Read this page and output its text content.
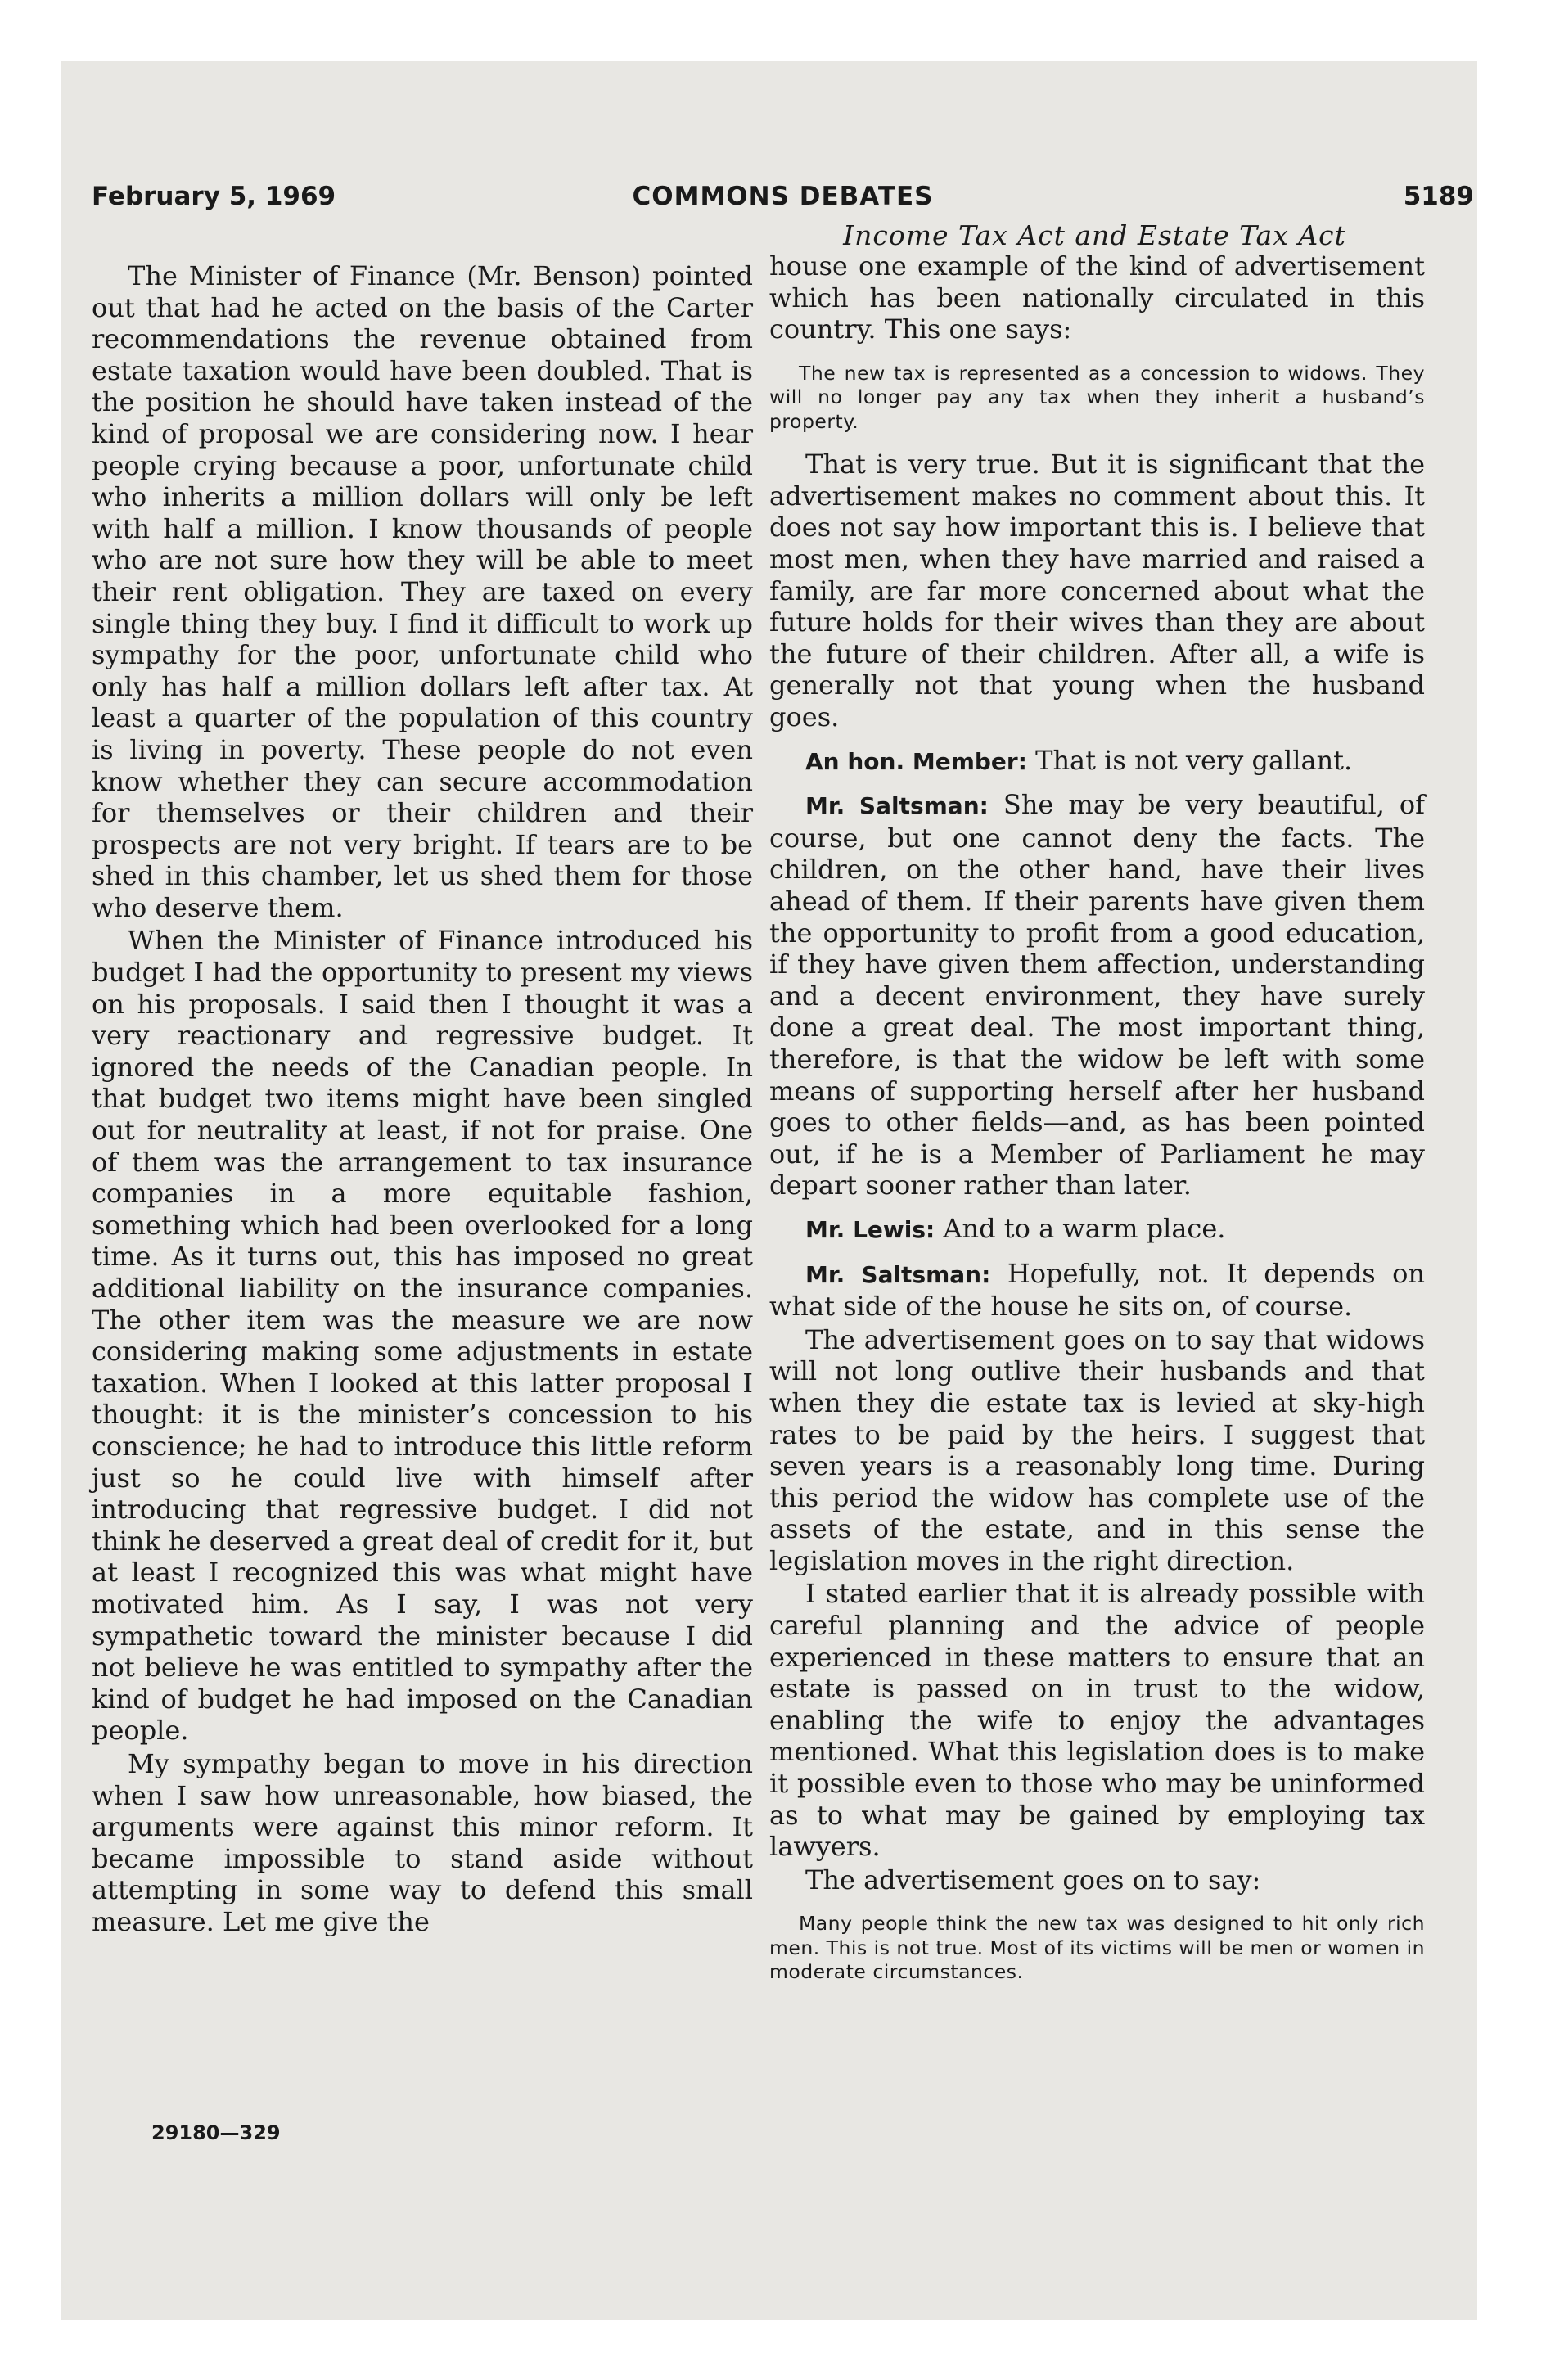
February 5, 1969	COMMONS DEBATES	5189
Income Tax Act and Estate Tax Act

The Minister of Finance (Mr. Benson) pointed out that had he acted on the basis of the Carter recommendations the revenue obtained from estate taxation would have been doubled. That is the position he should have taken instead of the kind of proposal we are considering now. I hear people crying because a poor, unfortunate child who inherits a million dollars will only be left with half a million. I know thousands of people who are not sure how they will be able to meet their rent obligation. They are taxed on every single thing they buy. I find it difficult to work up sympathy for the poor, unfortunate child who only has half a million dollars left after tax. At least a quarter of the population of this country is living in poverty. These people do not even know whether they can secure accommodation for themselves or their children and their prospects are not very bright. If tears are to be shed in this chamber, let us shed them for those who deserve them.

When the Minister of Finance introduced his budget I had the opportunity to present my views on his proposals. I said then I thought it was a very reactionary and regressive budget. It ignored the needs of the Canadian people. In that budget two items might have been singled out for neutrality at least, if not for praise. One of them was the arrangement to tax insurance companies in a more equitable fashion, something which had been overlooked for a long time. As it turns out, this has imposed no great additional liability on the insurance companies. The other item was the measure we are now considering making some adjustments in estate taxation. When I looked at this latter proposal I thought: it is the minister’s concession to his conscience; he had to introduce this little reform just so he could live with himself after introducing that regressive budget. I did not think he deserved a great deal of credit for it, but at least I recognized this was what might have motivated him. As I say, I was not very sympathetic toward the minister because I did not believe he was entitled to sympathy after the kind of budget he had imposed on the Canadian people.

My sympathy began to move in his direction when I saw how unreasonable, how biased, the arguments were against this minor reform. It became impossible to stand aside without attempting in some way to defend this small measure. Let me give the

29180—329

house one example of the kind of advertisement which has been nationally circulated in this country. This one says:

The new tax is represented as a concession to widows. They will no longer pay any tax when they inherit a husband’s property.

That is very true. But it is significant that the advertisement makes no comment about this. It does not say how important this is. I believe that most men, when they have married and raised a family, are far more concerned about what the future holds for their wives than they are about the future of their children. After all, a wife is generally not that young when the husband goes.

An hon. Member: That is not very gallant.

Mr. Saltsman: She may be very beautiful, of course, but one cannot deny the facts. The children, on the other hand, have their lives ahead of them. If their parents have given them the opportunity to profit from a good education, if they have given them affection, understanding and a decent environment, they have surely done a great deal. The most important thing, therefore, is that the widow be left with some means of supporting herself after her husband goes to other fields—and, as has been pointed out, if he is a Member of Parliament he may depart sooner rather than later.

Mr. Lewis: And to a warm place.

Mr. Saltsman: Hopefully, not. It depends on what side of the house he sits on, of course.

The advertisement goes on to say that widows will not long outlive their husbands and that when they die estate tax is levied at sky-high rates to be paid by the heirs. I suggest that seven years is a reasonably long time. During this period the widow has complete use of the assets of the estate, and in this sense the legislation moves in the right direction.

I stated earlier that it is already possible with careful planning and the advice of people experienced in these matters to ensure that an estate is passed on in trust to the widow, enabling the wife to enjoy the advantages mentioned. What this legislation does is to make it possible even to those who may be uninformed as to what may be gained by employing tax lawyers.

The advertisement goes on to say:

Many people think the new tax was designed to hit only rich men. This is not true. Most of its victims will be men or women in moderate circumstances.
